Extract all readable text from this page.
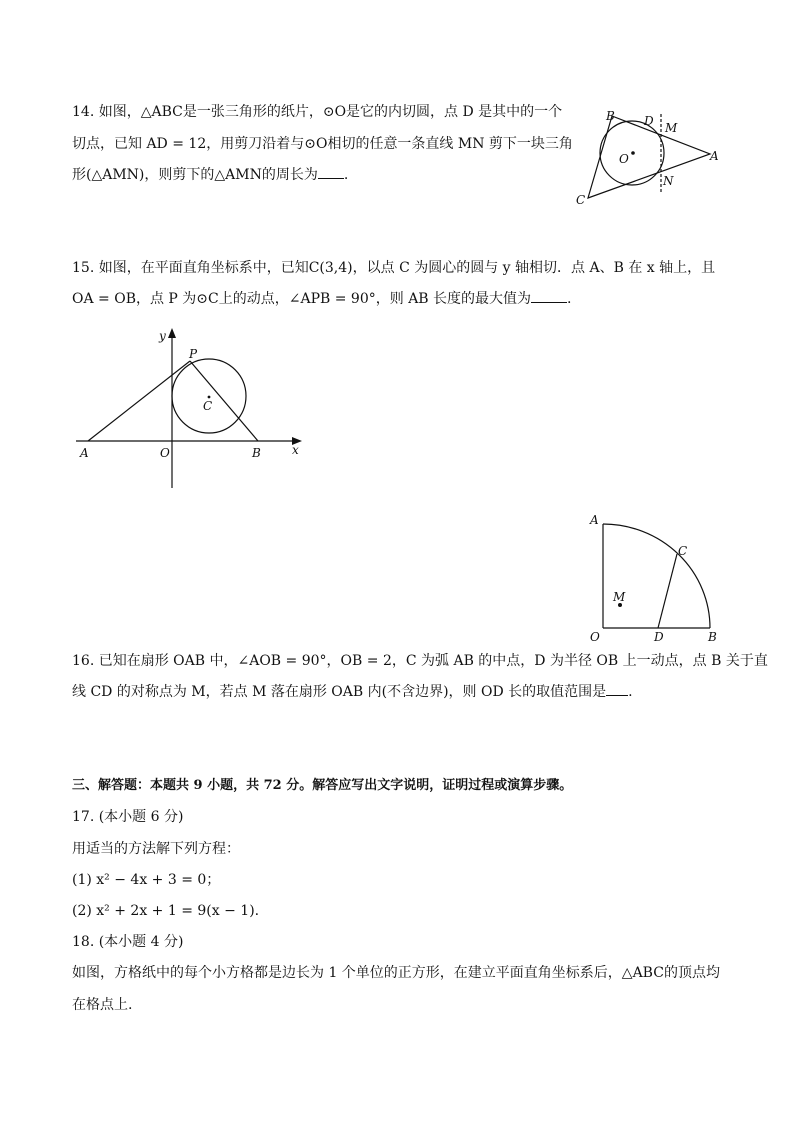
14. 如图，△ABC是一张三角形的纸片，⊙O是它的内切圆，点 D 是其中的一个
切点，已知 AD = 12，用剪刀沿着与⊙O相切的任意一条直线 MN 剪下一块三角
形(△AMN)，则剪下的△AMN的周长为 .
B D M
O	A
N
C
15. 如图，在平面直角坐标系中，已知C(3,4)，以点 C 为圆心的圆与 y 轴相切．点 A、B 在 x 轴上，且
OA = OB，点 P 为⊙C上的动点，∠APB = 90°，则 AB 长度的最大值为	.
y
P
C
A	O	B	x
A
C
M
O	D	B
16. 已知在扇形 OAB 中，∠AOB = 90°，OB = 2，C 为弧 AB 的中点，D 为半径 OB 上一动点，点 B 关于直
线 CD 的对称点为 M，若点 M 落在扇形 OAB 内(不含边界)，则 OD 长的取值范围是 .
三、解答题：本题共 9 小题，共 72 分。解答应写出文字说明，证明过程或演算步骤。
17. (本小题 6 分)
用适当的方法解下列方程：
(1) x² − 4x + 3 = 0；
(2) x² + 2x + 1 = 9(x − 1).
18. (本小题 4 分)
如图，方格纸中的每个小方格都是边长为 1 个单位的正方形，在建立平面直角坐标系后，△ABC的顶点均
在格点上.
